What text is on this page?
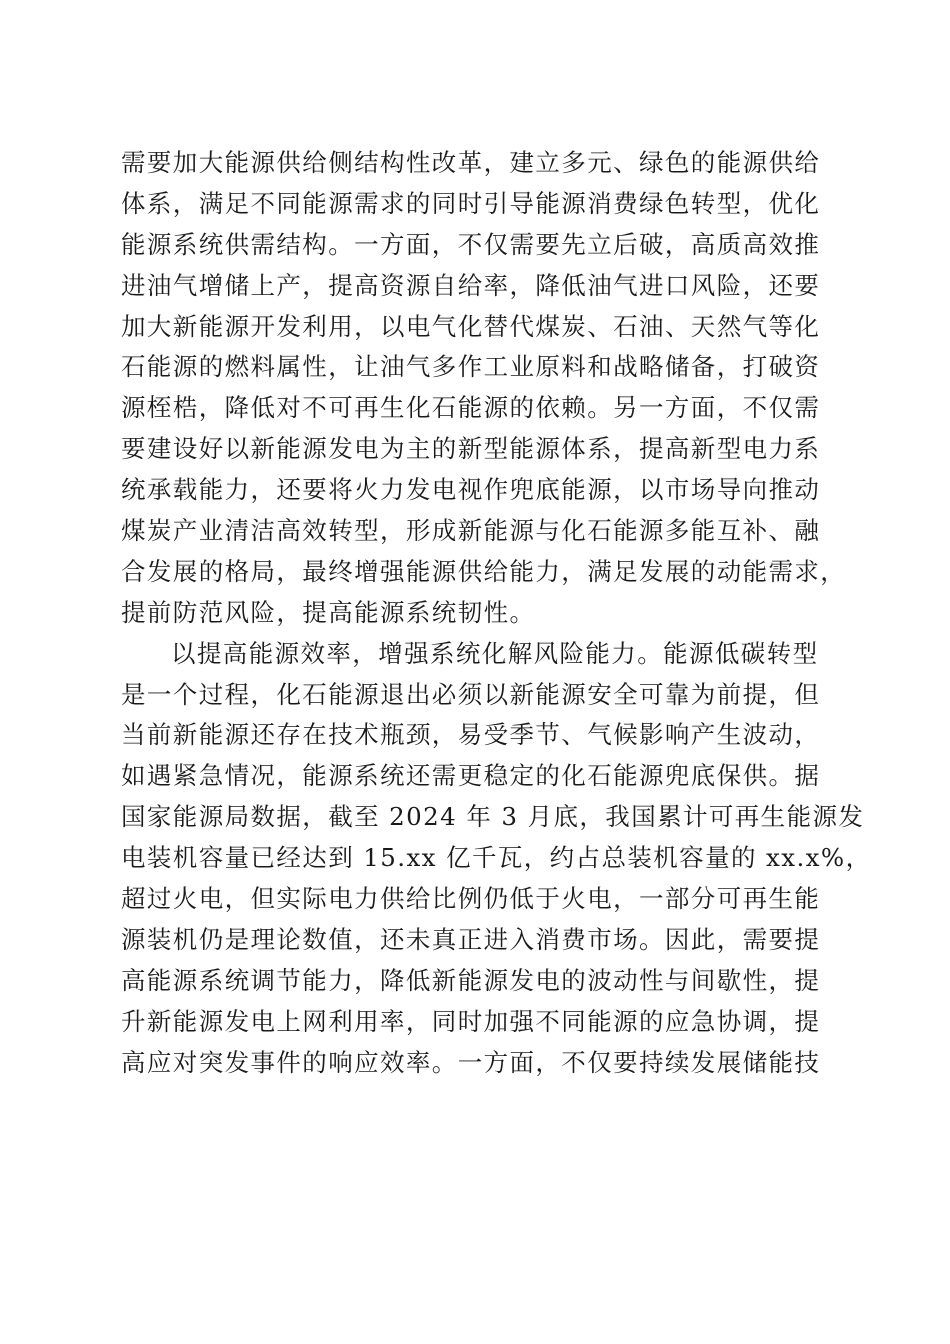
需要加大能源供给侧结构性改革，建立多元、绿色的能源供给
体系，满足不同能源需求的同时引导能源消费绿色转型，优化
能源系统供需结构。一方面，不仅需要先立后破，高质高效推
进油气增储上产，提高资源自给率，降低油气进口风险，还要
加大新能源开发利用，以电气化替代煤炭、石油、天然气等化
石能源的燃料属性，让油气多作工业原料和战略储备，打破资
源桎梏，降低对不可再生化石能源的依赖。另一方面，不仅需
要建设好以新能源发电为主的新型能源体系，提高新型电力系
统承载能力，还要将火力发电视作兜底能源，以市场导向推动
煤炭产业清洁高效转型，形成新能源与化石能源多能互补、融
合发展的格局，最终增强能源供给能力，满足发展的动能需求，
提前防范风险，提高能源系统韧性。
以提高能源效率，增强系统化解风险能力。能源低碳转型
是一个过程，化石能源退出必须以新能源安全可靠为前提，但
当前新能源还存在技术瓶颈，易受季节、气候影响产生波动，
如遇紧急情况，能源系统还需更稳定的化石能源兜底保供。据
国家能源局数据，截至 2024 年 3 月底，我国累计可再生能源发
电装机容量已经达到 15.xx 亿千瓦，约占总装机容量的 xx.x%，
超过火电，但实际电力供给比例仍低于火电，一部分可再生能
源装机仍是理论数值，还未真正进入消费市场。因此，需要提
高能源系统调节能力，降低新能源发电的波动性与间歇性，提
升新能源发电上网利用率，同时加强不同能源的应急协调，提
高应对突发事件的响应效率。一方面，不仅要持续发展储能技
